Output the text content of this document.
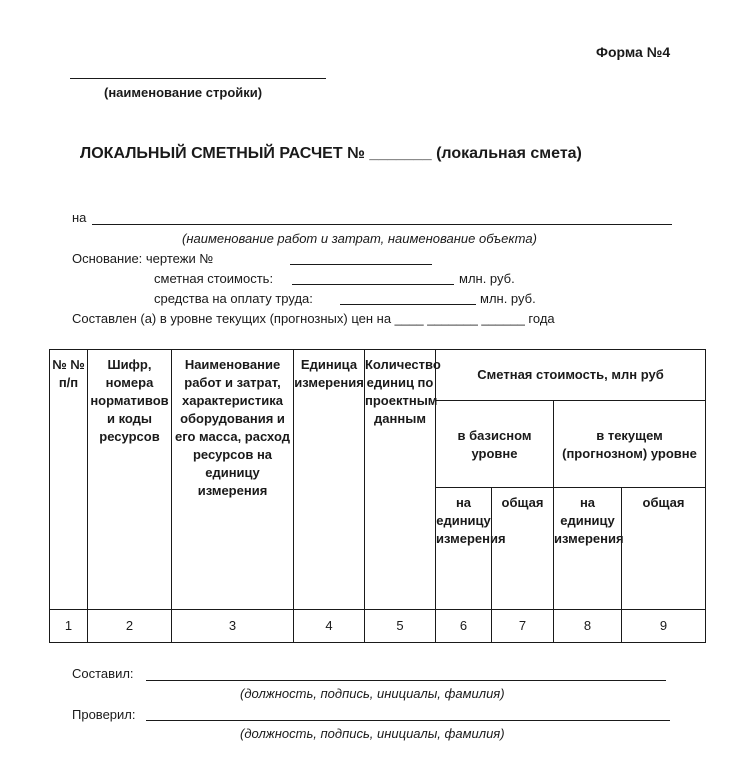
Форма №4
(наименование стройки)
ЛОКАЛЬНЫЙ СМЕТНЫЙ РАСЧЕТ № _______ (локальная смета)
на
(наименование работ и затрат, наименование объекта)
Основание: чертежи №
сметная стоимость:	млн. руб.
средства на оплату труда:	млн. руб.
Составлен (а) в уровне текущих (прогнозных) цен на ____ _______ ______ года
№ № п/п	Шифр, номера нормативов и коды ресурсов	Наименование работ и затрат, характеристика оборудования и его масса, расход ресурсов на единицу измерения	Единица измерения	Количество единиц по проектным данным	Сметная стоимость, млн руб			

					в базисном уровне		в текущем (прогнозном) уровне	

					на единицу измерения	общая	на единицу измерения	общая

1	2	3	4	5	6	7	8	9
Составил:
(должность, подпись, инициалы, фамилия)
Проверил:
(должность, подпись, инициалы, фамилия)
